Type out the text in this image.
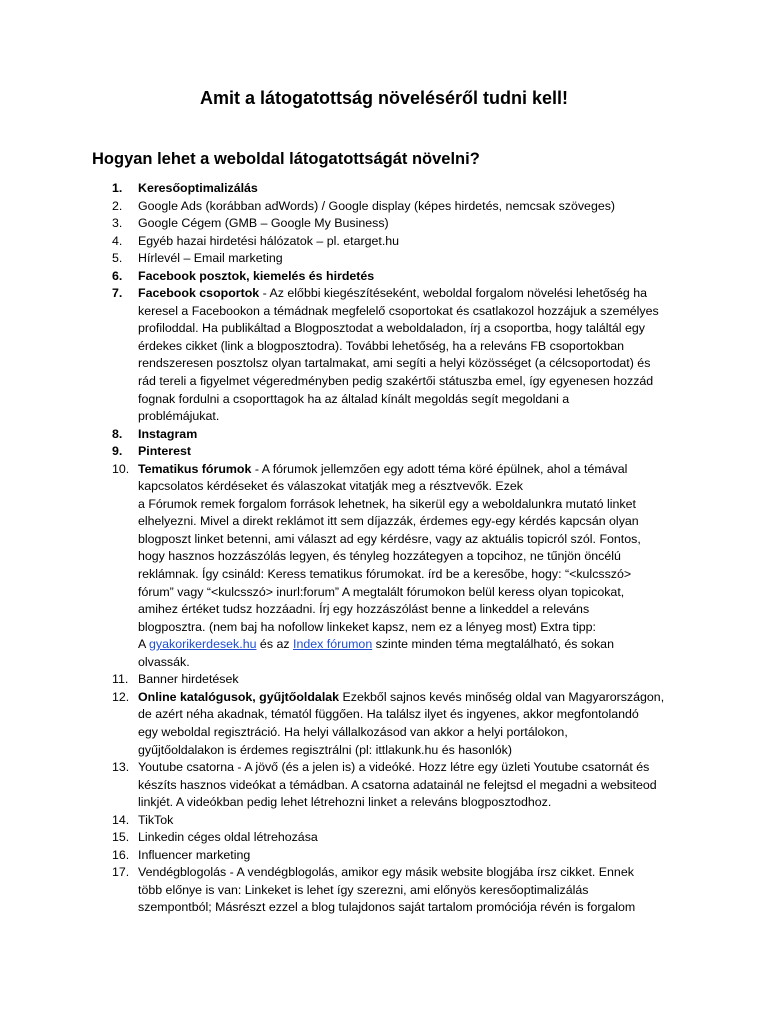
Amit a látogatottság növeléséről tudni kell!
Hogyan lehet a weboldal látogatottságát növelni?
1.	Keresőoptimalizálás
2.	Google Ads (korábban adWords) / Google display (képes hirdetés, nemcsak szöveges)
3.	Google Cégem (GMB – Google My Business)
4.	Egyéb hazai hirdetési hálózatok – pl. etarget.hu
5.	Hírlevél – Email marketing
6.	Facebook posztok, kiemelés és hirdetés
7.	Facebook csoportok - Az előbbi kiegészítéseként, weboldal forgalom növelési lehetőség ha
keresel a Facebookon a témádnak megfelelő csoportokat és csatlakozol hozzájuk a személyes
profiloddal. Ha publikáltad a Blogposztodat a weboldaladon, írj a csoportba, hogy találtál egy
érdekes cikket (link a blogposztodra). További lehetőség, ha a releváns FB csoportokban
rendszeresen posztolsz olyan tartalmakat, ami segíti a helyi közösséget (a célcsoportodat) és
rád tereli a figyelmet végeredményben pedig szakértői státuszba emel, így egyenesen hozzád
fognak fordulni a csoporttagok ha az általad kínált megoldás segít megoldani a
problémájukat.
8.	Instagram
9.	Pinterest
10. Tematikus fórumok - A fórumok jellemzően egy adott téma köré épülnek, ahol a témával
kapcsolatos kérdéseket és válaszokat vitatják meg a résztvevők. Ezek
a Fórumok remek forgalom források lehetnek, ha sikerül egy a weboldalunkra mutató linket
elhelyezni. Mivel a direkt reklámot itt sem díjazzák, érdemes egy-egy kérdés kapcsán olyan
blogposzt linket betenni, ami választ ad egy kérdésre, vagy az aktuális topicról szól. Fontos,
hogy hasznos hozzászólás legyen, és tényleg hozzátegyen a topcihoz, ne tűnjön öncélú
reklámnak. Így csináld: Keress tematikus fórumokat. írd be a keresőbe, hogy: “<kulcsszó>
fórum” vagy “<kulcsszó> inurl:forum” A megtalált fórumokon belül keress olyan topicokat,
amihez értéket tudsz hozzáadni. Írj egy hozzászólást benne a linkeddel a releváns
blogposztra. (nem baj ha nofollow linkeket kapsz, nem ez a lényeg most) Extra tipp:
A gyakorikerdesek.hu és az Index fórumon szinte minden téma megtalálható, és sokan
olvassák.
11. Banner hirdetések
12. Online katalógusok, gyűjtőoldalak Ezekből sajnos kevés minőség oldal van Magyarországon,
de azért néha akadnak, tématól függően. Ha találsz ilyet és ingyenes, akkor megfontolandó
egy weboldal regisztráció. Ha helyi vállalkozásod van akkor a helyi portálokon,
gyűjtőoldalakon is érdemes regisztrálni (pl: ittlakunk.hu és hasonlók)
13. Youtube csatorna - A jövő (és a jelen is) a videóké. Hozz létre egy üzleti Youtube csatornát és
készíts hasznos videókat a témádban. A csatorna adatainál ne felejtsd el megadni a websiteod
linkjét. A videókban pedig lehet létrehozni linket a releváns blogposztodhoz.
14. TikTok
15. Linkedin céges oldal létrehozása
16. Influencer marketing
17. Vendégblogolás - A vendégblogolás, amikor egy másik website blogjába írsz cikket. Ennek
több előnye is van: Linkeket is lehet így szerezni, ami előnyös keresőoptimalizálás
szempontból; Másrészt ezzel a blog tulajdonos saját tartalom promóciója révén is forgalom
